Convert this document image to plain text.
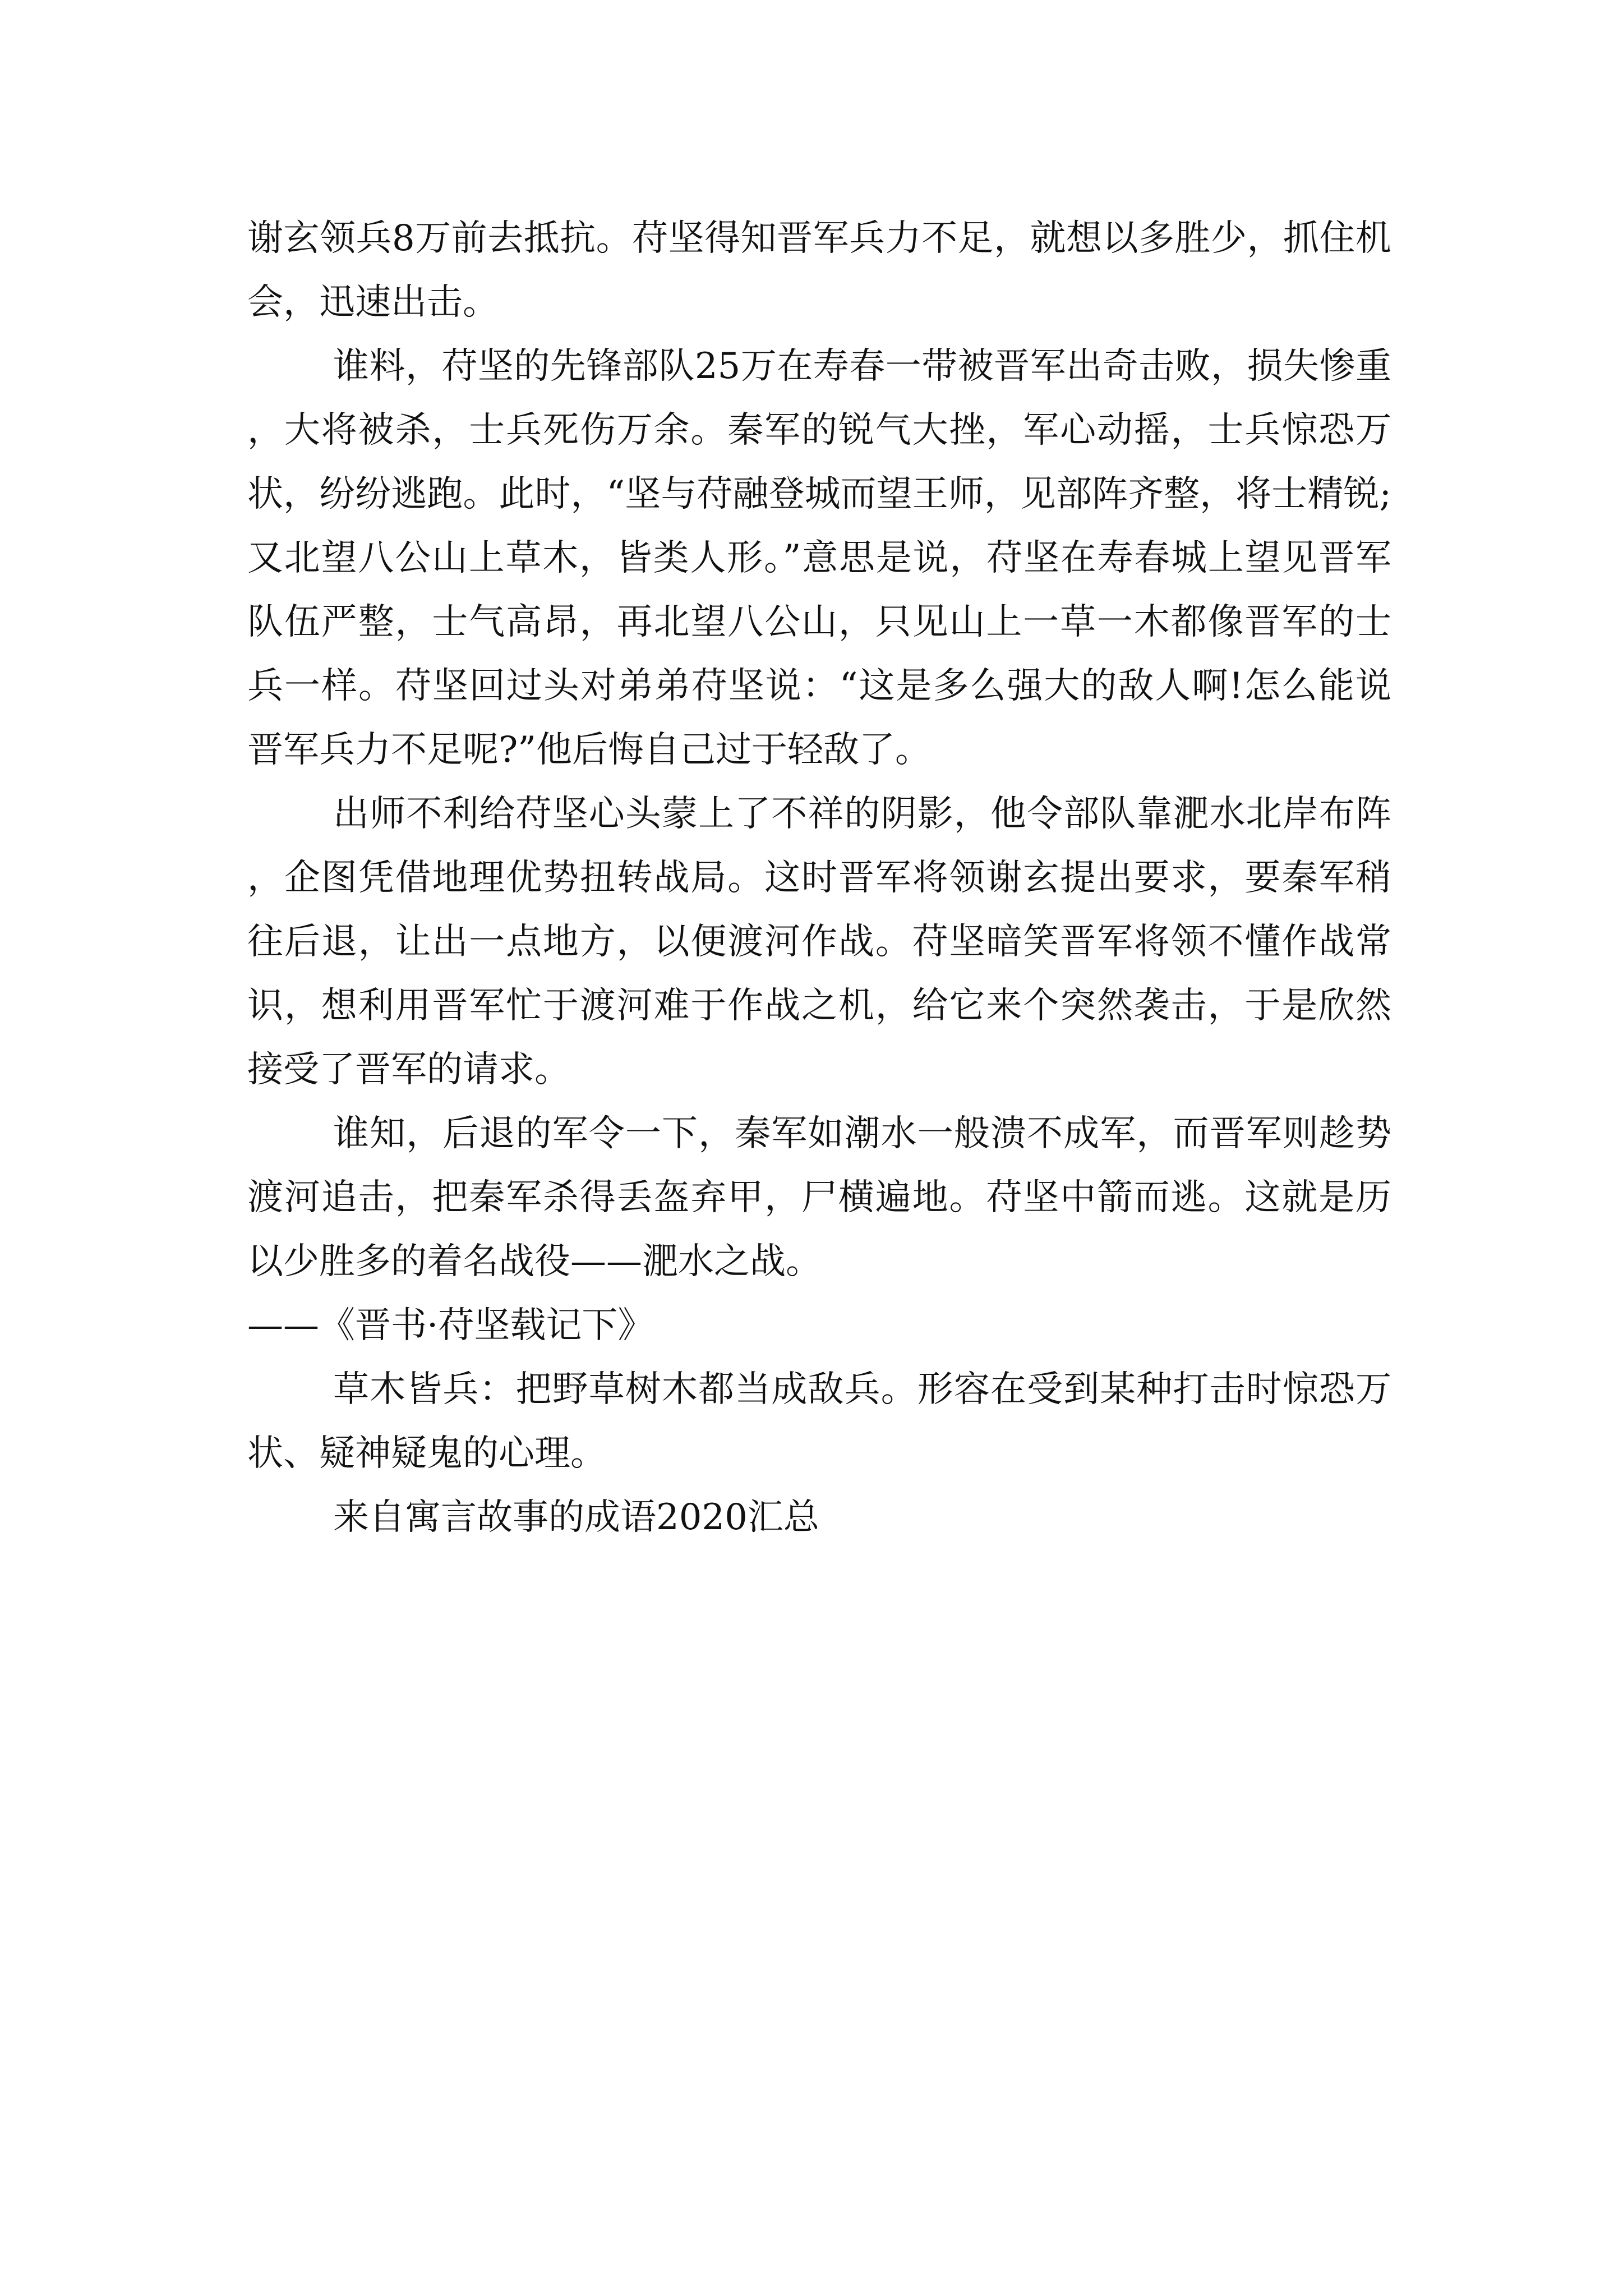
谢玄领兵8万前去抵抗。苻坚得知晋军兵力不足，就想以多胜少，抓住机会，迅速出击。

谁料，苻坚的先锋部队25万在寿春一带被晋军出奇击败，损失惨重，大将被杀，士兵死伤万余。秦军的锐气大挫，军心动摇，士兵惊恐万状，纷纷逃跑。此时，“坚与苻融登城而望王师，见部阵齐整，将士精锐;又北望八公山上草木，皆类人形。”意思是说，苻坚在寿春城上望见晋军队伍严整，士气高昂，再北望八公山，只见山上一草一木都像晋军的士兵一样。苻坚回过头对弟弟苻坚说：“这是多么强大的敌人啊!怎么能说晋军兵力不足呢?”他后悔自己过于轻敌了。

出师不利给苻坚心头蒙上了不祥的阴影，他令部队靠淝水北岸布阵，企图凭借地理优势扭转战局。这时晋军将领谢玄提出要求，要秦军稍往后退，让出一点地方，以便渡河作战。苻坚暗笑晋军将领不懂作战常识，想利用晋军忙于渡河难于作战之机，给它来个突然袭击，于是欣然接受了晋军的请求。

谁知，后退的军令一下，秦军如潮水一般溃不成军，而晋军则趁势渡河追击，把秦军杀得丢盔弃甲，尸横遍地。苻坚中箭而逃。这就是历以少胜多的着名战役——淝水之战。

——《晋书·苻坚载记下》

草木皆兵：把野草树木都当成敌兵。形容在受到某种打击时惊恐万状、疑神疑鬼的心理。

来自寓言故事的成语2020汇总
